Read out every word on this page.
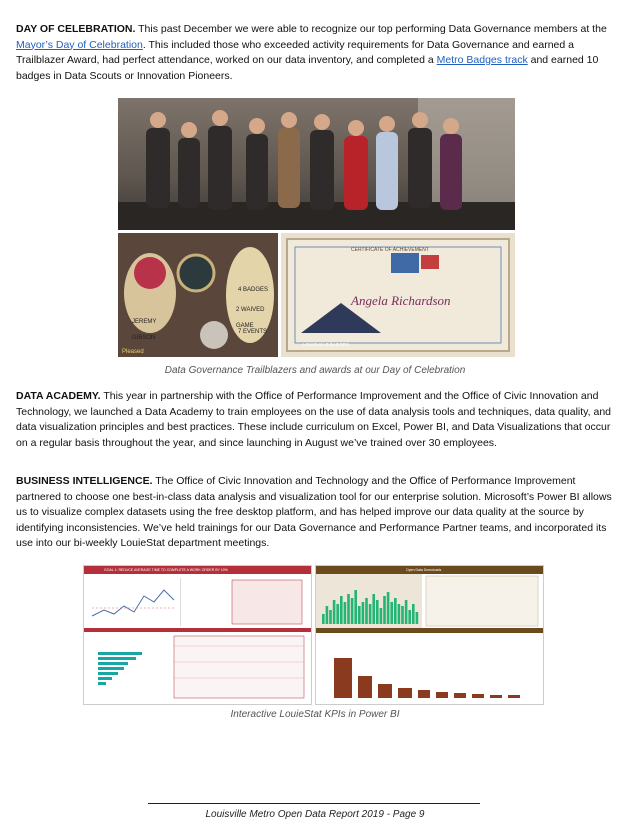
DAY OF CELEBRATION. This past December we were able to recognize our top performing Data Governance members at the Mayor’s Day of Celebration. This included those who exceeded activity requirements for Data Governance and earned a Trailblazer Award, had perfect attendance, worked on our data inventory, and completed a Metro Badges track and earned 10 badges in Data Scouts or Innovation Pioneers.

4 BADGES
2 WAIVED GAME
7 EVENTS
JEREMY GIBSON
Pleased
CERTIFICATE OF ACHIEVEMENT
Angela Richardson
LOUISVILLE BADGES
Data Governance Trailblazers and awards at our Day of Celebration

DATA ACADEMY. This year in partnership with the Office of Performance Improvement and the Office of Civic Innovation and Technology, we launched a Data Academy to train employees on the use of data analysis tools and techniques, data quality, and data visualization principles and best practices. These include curriculum on Excel, Power BI, and Data Visualizations that occur on a regular basis throughout the year, and since launching in August we’ve trained over 30 employees.

BUSINESS INTELLIGENCE. The Office of Civic Innovation and Technology and the Office of Performance Improvement partnered to choose one best-in-class data analysis and visualization tool for our enterprise solution. Microsoft’s Power BI allows us to visualize complex datasets using the free desktop platform, and has helped improve our data quality at the source by identifying inconsistencies. We’ve held trainings for our Data Governance and Performance Partner teams, and incorporated its use into our bi-weekly LouieStat department meetings.

GOAL 1: REDUCE AVERAGE TIME TO COMPLETE A WORK ORDER BY 10%	Open Data Downloads
Interactive LouieStat KPIs in Power BI
Louisville Metro Open Data Report 2019 - Page 9
